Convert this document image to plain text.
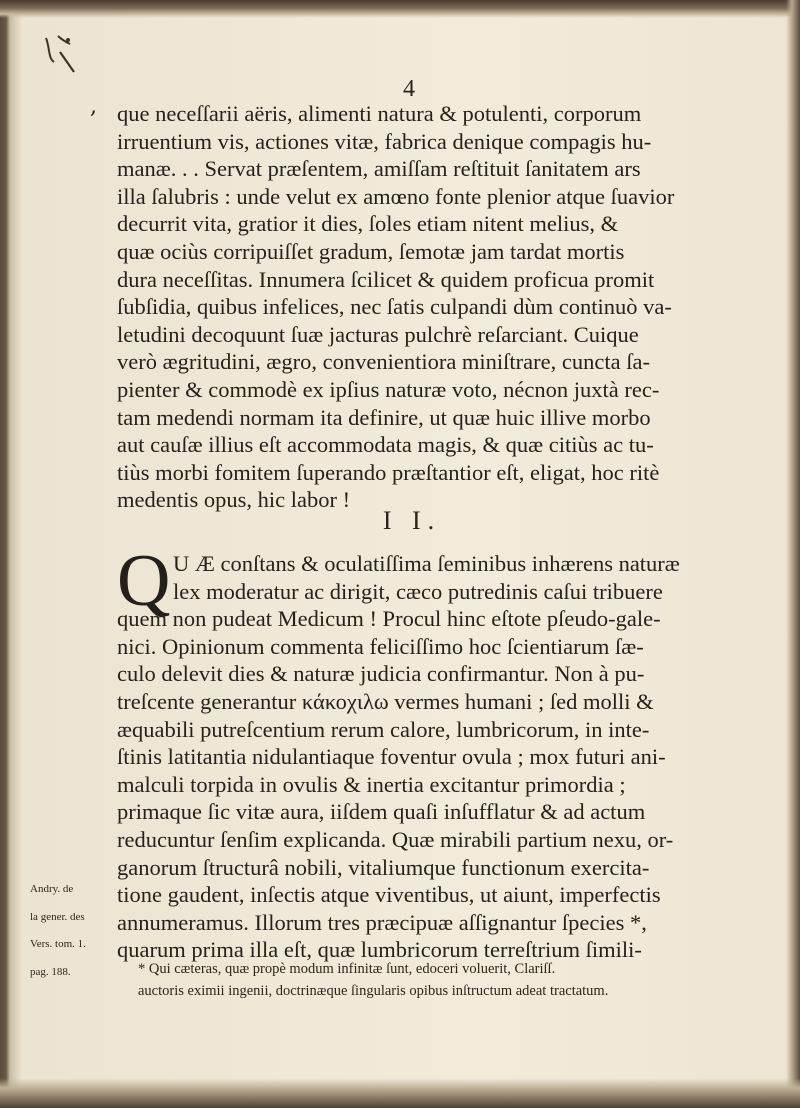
4
, que neceſſarii aëris, alimenti natura & potulenti, corporum
irruentium vis, actiones vitæ, fabrica denique compagis hu-
manæ. . . Servat præſentem, amiſſam reſtituit ſanitatem ars
illa ſalubris : unde velut ex amœno fonte plenior atque ſuavior
decurrit vita, gratior it dies, ſoles etiam nitent melius, &
quæ ociùs corripuiſſet gradum, ſemotæ jam tardat mortis
dura neceſſitas. Innumera ſcilicet & quidem proficua promit
ſubſidia, quibus infelices, nec ſatis culpandi dùm continuò va-
letudini decoquunt ſuæ jacturas pulchrè reſarciant. Cuique
verò ægritudini, ægro, convenientiora miniſtrare, cuncta ſa-
pienter & commodè ex ipſius naturæ voto, nécnon juxtà rec-
tam medendi normam ita definire, ut quæ huic illive morbo
aut cauſæ illius eſt accommodata magis, & quæ citiùs ac tu-
tiùs morbi fomitem ſuperando præſtantior eſt, eligat, hoc ritè
medentis opus, hic labor !
I I.
Q U Æ conſtans & oculatiſſima ſeminibus inhærens naturæ
lex moderatur ac dirigit, cæco putredinis caſui tribuere
quem non pudeat Medicum ! Procul hinc eſtote pſeudo-gale-
nici. Opinionum commenta feliciſſimo hoc ſcientiarum ſæ-
culo delevit dies & naturæ judicia confirmantur. Non à pu-
treſcente generantur κάκοχιλω vermes humani ; ſed molli &
æquabili putreſcentium rerum calore, lumbricorum, in inte-
ſtinis latitantia nidulantiaque foventur ovula ; mox futuri ani-
malculi torpida in ovulis & inertia excitantur primordia ;
primaque ſic vitæ aura, iiſdem quaſi inſufflatur & ad actum
reducuntur ſenſim explicanda. Quæ mirabili partium nexu, or-
ganorum ſtructurâ nobili, vitaliumque functionum exercita-
tione gaudent, inſectis atque viventibus, ut aiunt, imperfectis
annumeramus. Illorum tres præcipuæ aſſignantur ſpecies *,
quarum prima illa eſt, quæ lumbricorum terreſtrium ſimili-
Andry. de
la gener. des
Vers. tom. 1.
pag. 188.	* Qui cæteras, quæ propè modum infinitæ ſunt, edoceri voluerit, Clariſſ.
auctoris eximii ingenii, doctrinæque ſingularis opibus inſtructum adeat tractatum.
